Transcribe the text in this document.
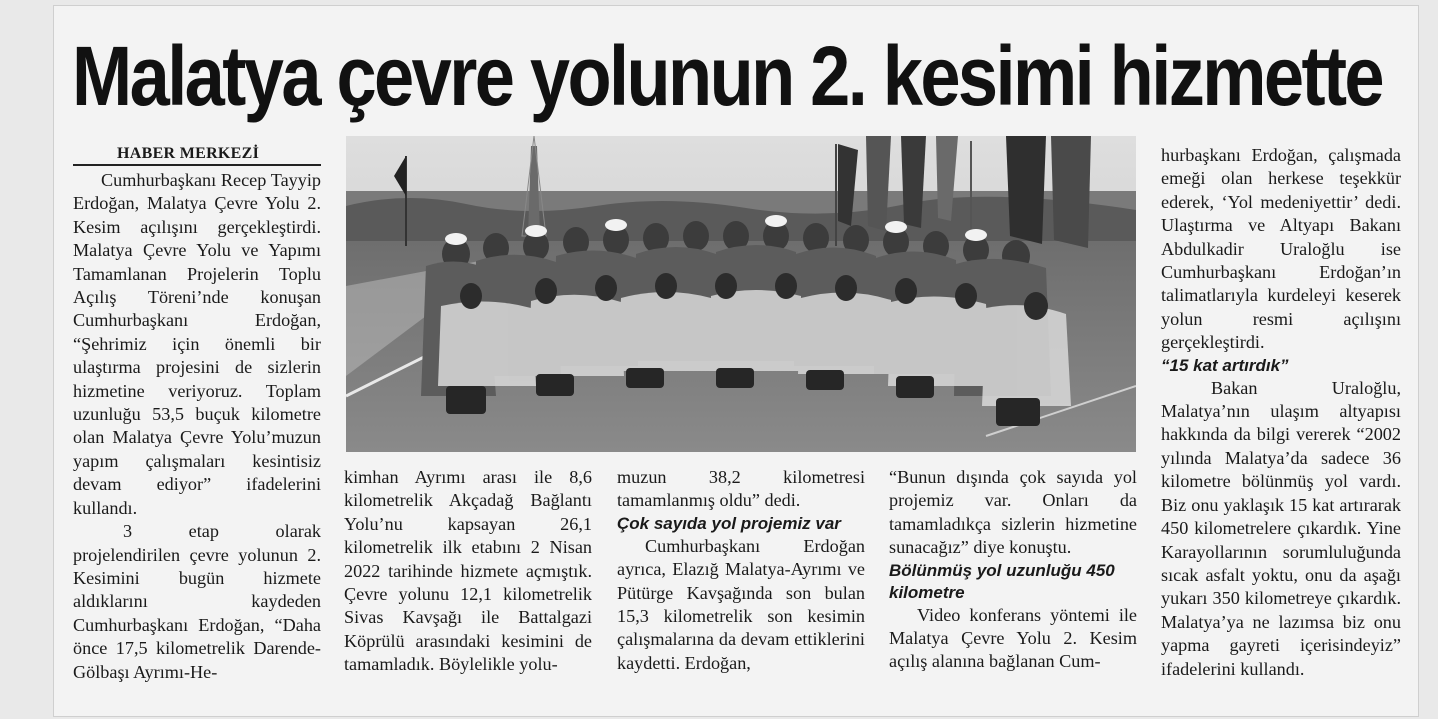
Malatya çevre yolunun 2. kesimi hizmette
HABER MERKEZİ

Cumhurbaşkanı Recep Tayyip Erdoğan, Malatya Çevre Yolu 2. Kesim açılışını gerçekleştirdi. Malatya Çevre Yolu ve Yapımı Tamamlanan Projelerin Toplu Açılış Töreni’nde konuşan Cumhurbaşkanı Erdoğan, “Şehrimiz için önemli bir ulaştırma projesini de sizlerin hizmetine veriyoruz. Toplam uzunluğu 53,5 buçuk kilometre olan Malatya Çevre Yolu’muzun yapım çalışmaları kesintisiz devam ediyor” ifadelerini kullandı.

3 etap olarak projelendirilen çevre yolunun 2. Kesimini bugün hizmete aldıklarını kaydeden Cumhurbaşkanı Erdoğan, “Daha önce 17,5 kilometrelik Darende-Gölbaşı Ayrımı-He-

kimhan Ayrımı arası ile 8,6 kilometrelik Akçadağ Bağlantı Yolu’nu kapsayan 26,1 kilometrelik ilk etabını 2 Nisan 2022 tarihinde hizmete açmıştık. Çevre yolunu 12,1 kilometrelik Sivas Kavşağı ile Battalgazi Köprülü arasındaki kesimini de tamamladık. Böylelikle yolu-

muzun 38,2 kilometresi tamamlanmış oldu” dedi.

Çok sayıda yol projemiz var

Cumhurbaşkanı Erdoğan ayrıca, Elazığ Malatya-Ayrımı ve Pütürge Kavşağında son bulan 15,3 kilometrelik son kesimin çalışmalarına da devam ettiklerini kaydetti. Erdoğan,

“Bunun dışında çok sayıda yol projemiz var. Onları da tamamladıkça sizlerin hizmetine sunacağız” diye konuştu.

Bölünmüş yol uzunluğu 450 kilometre

Video konferans yöntemi ile Malatya Çevre Yolu 2. Kesim açılış alanına bağlanan Cum-

hurbaşkanı Erdoğan, çalışmada emeği olan herkese teşekkür ederek, ‘Yol medeniyettir’ dedi. Ulaştırma ve Altyapı Bakanı Abdulkadir Uraloğlu ise Cumhurbaşkanı Erdoğan’ın talimatlarıyla kurdeleyi keserek yolun resmi açılışını gerçekleştirdi.

“15 kat artırdık”

Bakan Uraloğlu, Malatya’nın ulaşım altyapısı hakkında da bilgi vererek “2002 yılında Malatya’da sadece 36 kilometre bölünmüş yol vardı. Biz onu yaklaşık 15 kat artırarak 450 kilometrelere çıkardık. Yine Karayollarının sorumluluğunda sıcak asfalt yoktu, onu da aşağı yukarı 350 kilometreye çıkardık. Malatya’ya ne lazımsa biz onu yapma gayreti içerisindeyiz” ifadelerini kullandı.
